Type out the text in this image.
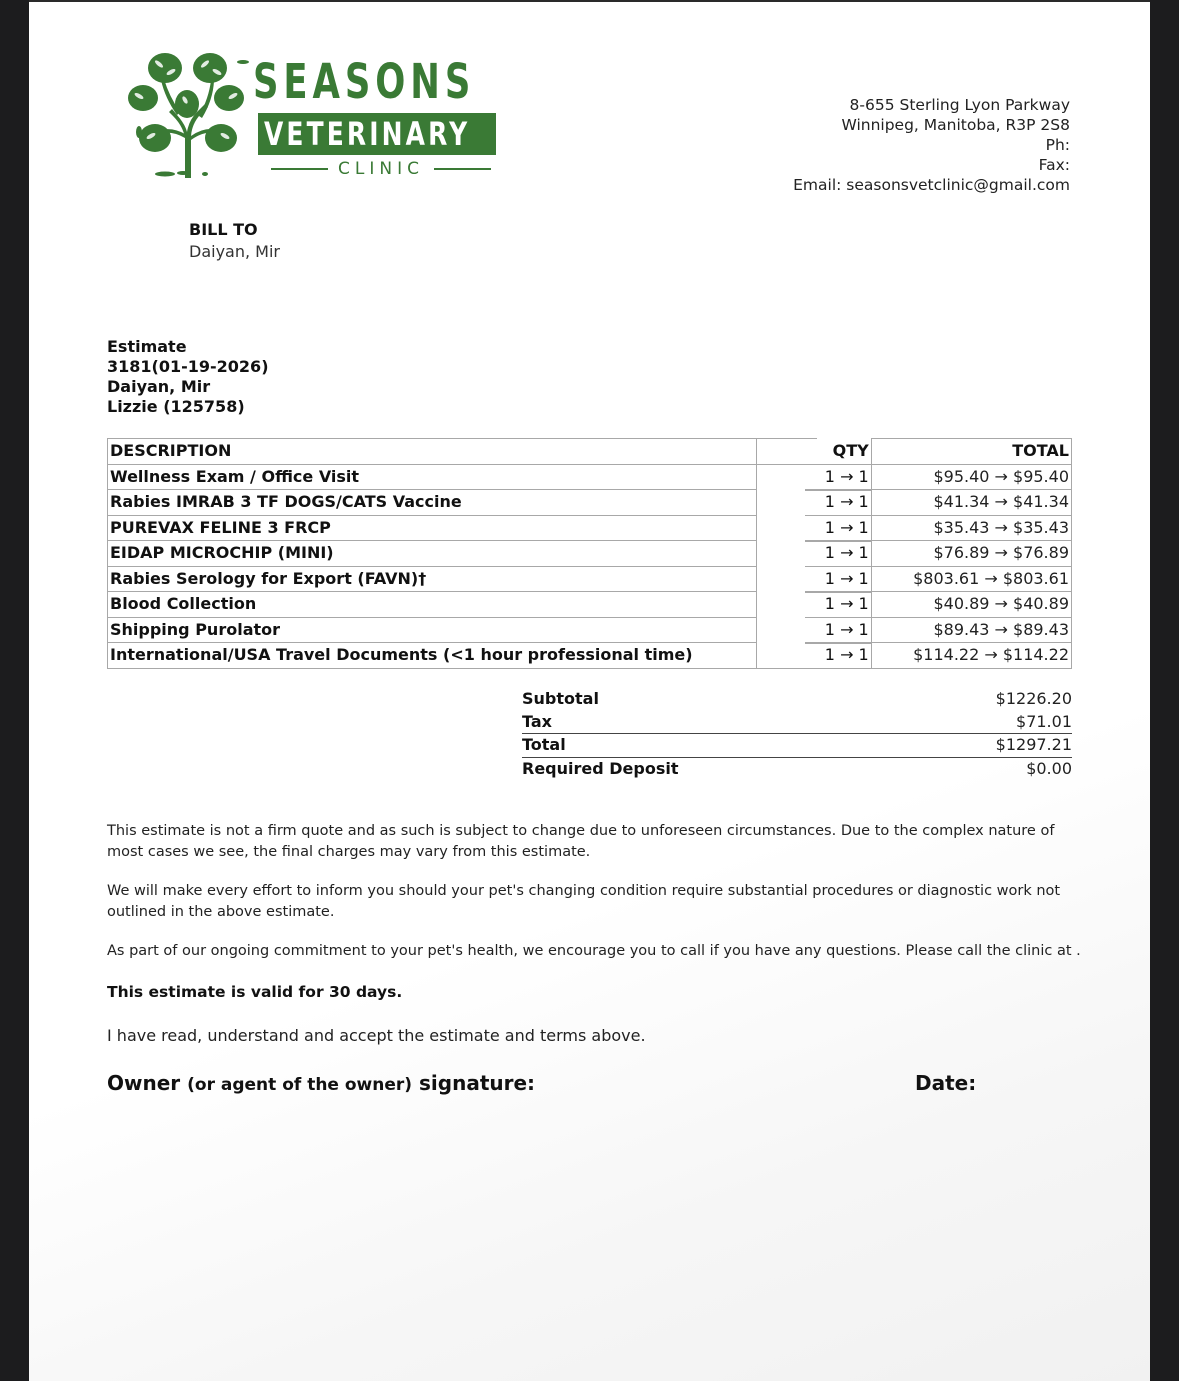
SEASONS
VETERINARY
CLINIC
8-655 Sterling Lyon Parkway
Winnipeg, Manitoba, R3P 2S8
Ph:
Fax:
Email: seasonsvetclinic@gmail.com
BILL TO
Daiyan, Mir
Estimate
3181(01-19-2026)
Daiyan, Mir
Lizzie (125758)
DESCRIPTION	QTY	TOTAL
Wellness Exam / Office Visit	1 → 1	$95.40 → $95.40
Rabies IMRAB 3 TF DOGS/CATS Vaccine	1 → 1	$41.34 → $41.34
PUREVAX FELINE 3 FRCP	1 → 1	$35.43 → $35.43
EIDAP MICROCHIP (MINI)	1 → 1	$76.89 → $76.89
Rabies Serology for Export (FAVN)†	1 → 1	$803.61 → $803.61
Blood Collection	1 → 1	$40.89 → $40.89
Shipping Purolator	1 → 1	$89.43 → $89.43
International/USA Travel Documents (<1 hour professional time)	1 → 1	$114.22 → $114.22
Subtotal	$1226.20
Tax	$71.01
Total	$1297.21
Required Deposit	$0.00
This estimate is not a firm quote and as such is subject to change due to unforeseen circumstances. Due to the complex nature of most cases we see, the final charges may vary from this estimate.
We will make every effort to inform you should your pet's changing condition require substantial procedures or diagnostic work not outlined in the above estimate.
As part of our ongoing commitment to your pet's health, we encourage you to call if you have any questions. Please call the clinic at .
This estimate is valid for 30 days.
I have read, understand and accept the estimate and terms above.
Owner (or agent of the owner) signature:	Date:
